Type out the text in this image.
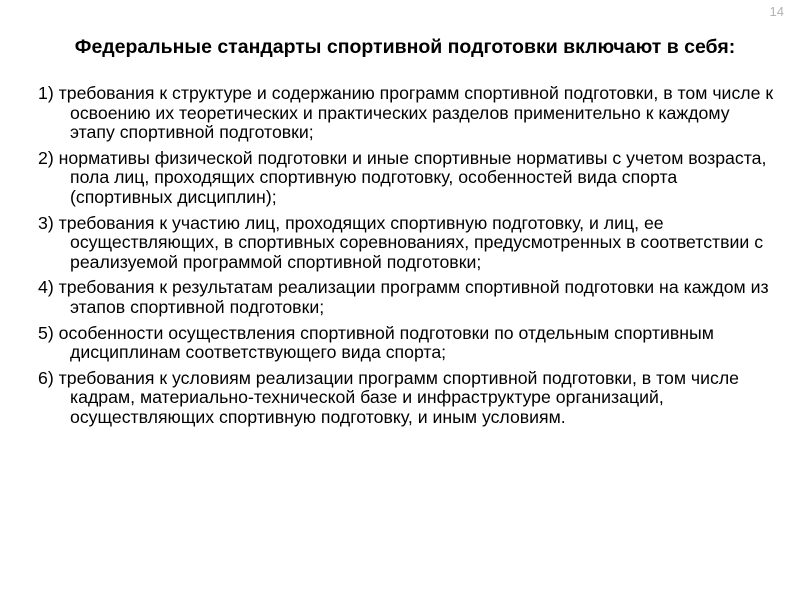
14
Федеральные стандарты спортивной подготовки включают в себя:
1) требования к структуре и содержанию программ спортивной подготовки, в том числе к освоению их теоретических и практических разделов применительно к каждому этапу спортивной подготовки;
2) нормативы физической подготовки и иные спортивные нормативы с учетом возраста, пола лиц, проходящих спортивную подготовку, особенностей вида спорта (спортивных дисциплин);
3) требования к участию лиц, проходящих спортивную подготовку, и лиц, ее осуществляющих, в спортивных соревнованиях, предусмотренных в соответствии с реализуемой программой спортивной подготовки;
4) требования к результатам реализации программ спортивной подготовки на каждом из этапов спортивной подготовки;
5) особенности осуществления спортивной подготовки по отдельным спортивным дисциплинам соответствующего вида спорта;
6) требования к условиям реализации программ спортивной подготовки, в том числе кадрам, материально-технической базе и инфраструктуре организаций, осуществляющих спортивную подготовку, и иным условиям.
